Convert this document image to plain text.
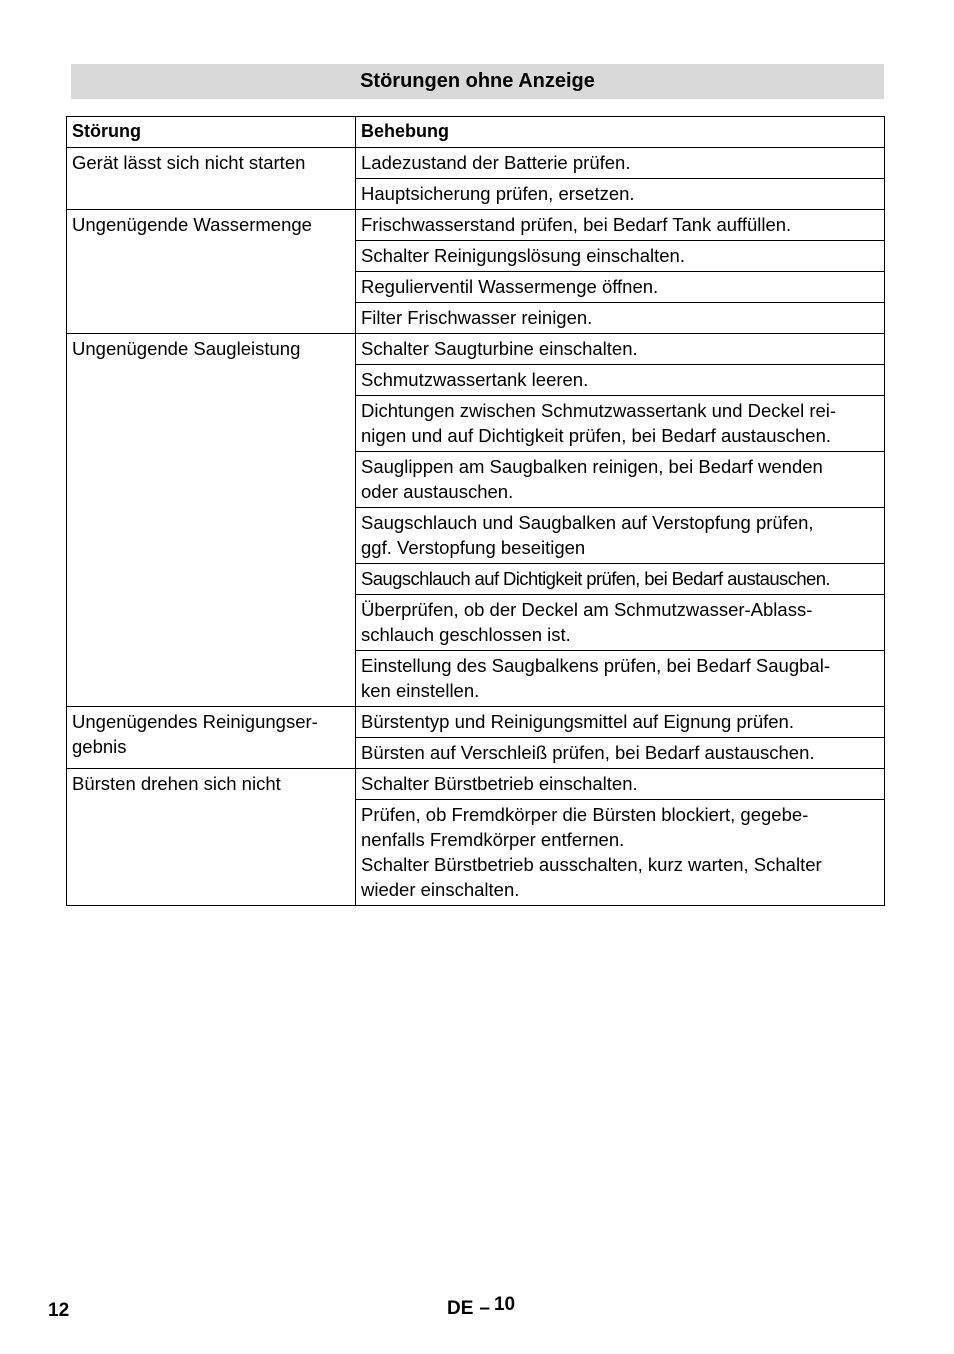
Störungen ohne Anzeige
Störung	Behebung
Gerät lässt sich nicht starten	Ladezustand der Batterie prüfen.
	Hauptsicherung prüfen, ersetzen.
Ungenügende Wassermenge	Frischwasserstand prüfen, bei Bedarf Tank auffüllen.
	Schalter Reinigungslösung einschalten.
	Regulierventil Wassermenge öffnen.
	Filter Frischwasser reinigen.
Ungenügende Saugleistung	Schalter Saugturbine einschalten.
	Schmutzwassertank leeren.
	Dichtungen zwischen Schmutzwassertank und Deckel rei-
nigen und auf Dichtigkeit prüfen, bei Bedarf austauschen.
	Sauglippen am Saugbalken reinigen, bei Bedarf wenden
oder austauschen.
	Saugschlauch und Saugbalken auf Verstopfung prüfen,
ggf. Verstopfung beseitigen
	Saugschlauch auf Dichtigkeit prüfen, bei Bedarf austauschen.
	Überprüfen, ob der Deckel am Schmutzwasser-Ablass-
schlauch geschlossen ist.
	Einstellung des Saugbalkens prüfen, bei Bedarf Saugbal-
ken einstellen.
Ungenügendes Reinigungser-
gebnis	Bürstentyp und Reinigungsmittel auf Eignung prüfen.
	Bürsten auf Verschleiß prüfen, bei Bedarf austauschen.
Bürsten drehen sich nicht	Schalter Bürstbetrieb einschalten.
	Prüfen, ob Fremdkörper die Bürsten blockiert, gegebe-
nenfalls Fremdkörper entfernen.
Schalter Bürstbetrieb ausschalten, kurz warten, Schalter
wieder einschalten.
12	DE – 10
